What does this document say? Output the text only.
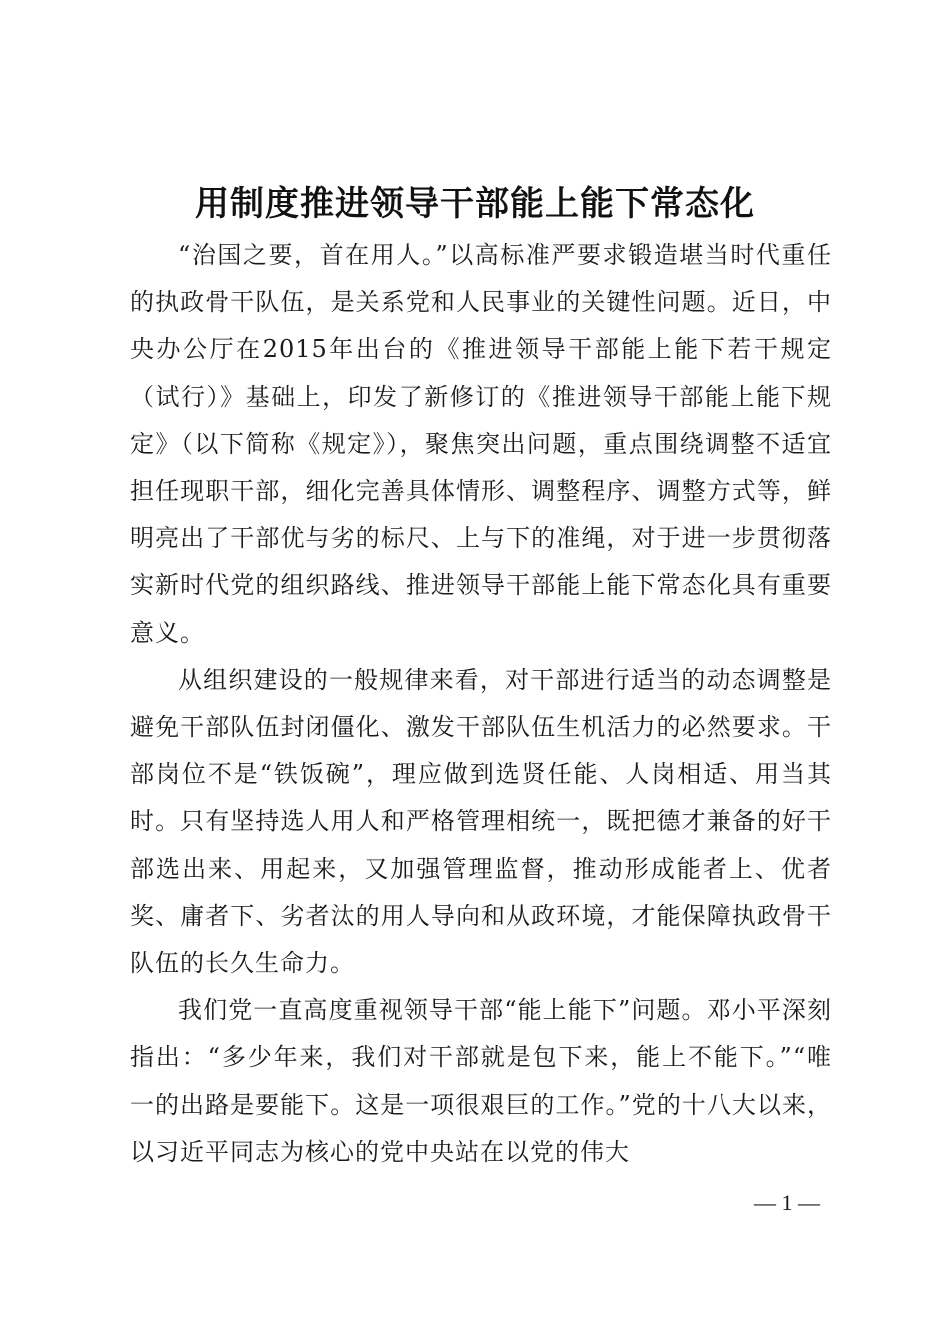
用制度推进领导干部能上能下常态化

“治国之要，首在用人。”以高标准严要求锻造堪当时代重任的执政骨干队伍，是关系党和人民事业的关键性问题。近日，中央办公厅在2015年出台的《推进领导干部能上能下若干规定（试行）》基础上，印发了新修订的《推进领导干部能上能下规定》（以下简称《规定》），聚焦突出问题，重点围绕调整不适宜担任现职干部，细化完善具体情形、调整程序、调整方式等，鲜明亮出了干部优与劣的标尺、上与下的准绳，对于进一步贯彻落实新时代党的组织路线、推进领导干部能上能下常态化具有重要意义。

从组织建设的一般规律来看，对干部进行适当的动态调整是避免干部队伍封闭僵化、激发干部队伍生机活力的必然要求。干部岗位不是“铁饭碗”，理应做到选贤任能、人岗相适、用当其时。只有坚持选人用人和严格管理相统一，既把德才兼备的好干部选出来、用起来，又加强管理监督，推动形成能者上、优者奖、庸者下、劣者汰的用人导向和从政环境，才能保障执政骨干队伍的长久生命力。

我们党一直高度重视领导干部“能上能下”问题。邓小平深刻指出：“多少年来，我们对干部就是包下来，能上不能下。”“唯一的出路是要能下。这是一项很艰巨的工作。”党的十八大以来，以习近平同志为核心的党中央站在以党的伟大

— 1 —
